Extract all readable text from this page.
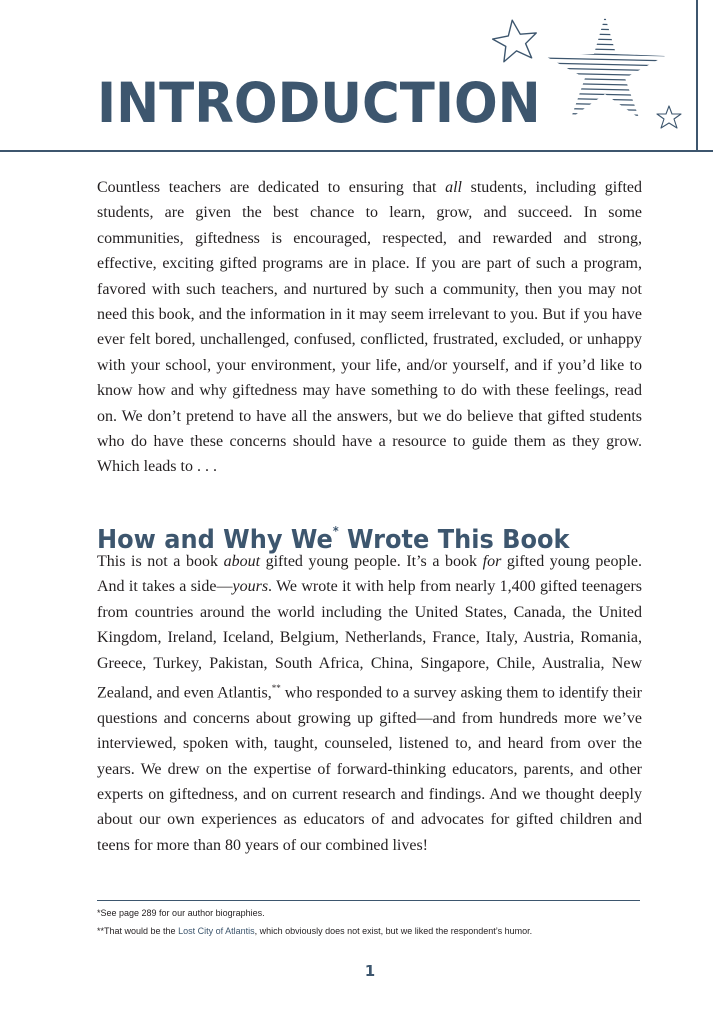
INTRODUCTION

Countless teachers are dedicated to ensuring that all students, including gifted students, are given the best chance to learn, grow, and succeed. In some communities, giftedness is encouraged, respected, and rewarded and strong, effective, exciting gifted programs are in place. If you are part of such a program, favored with such teachers, and nurtured by such a community, then you may not need this book, and the information in it may seem irrelevant to you. But if you have ever felt bored, unchallenged, confused, conflicted, frustrated, excluded, or unhappy with your school, your environment, your life, and/or yourself, and if you’d like to know how and why giftedness may have something to do with these feelings, read on. We don’t pretend to have all the answers, but we do believe that gifted students who do have these concerns should have a resource to guide them as they grow. Which leads to . . .

How and Why We* Wrote This Book

This is not a book about gifted young people. It’s a book for gifted young people. And it takes a side—yours. We wrote it with help from nearly 1,400 gifted teenagers from countries around the world including the United States, Canada, the United Kingdom, Ireland, Iceland, Belgium, Netherlands, France, Italy, Austria, Romania, Greece, Turkey, Pakistan, South Africa, China, Singapore, Chile, Australia, New Zealand, and even Atlantis,** who responded to a survey asking them to identify their questions and concerns about growing up gifted—and from hundreds more we’ve interviewed, spoken with, taught, counseled, listened to, and heard from over the years. We drew on the expertise of forward-thinking educators, parents, and other experts on giftedness, and on current research and findings. And we thought deeply about our own experiences as educators of and advocates for gifted children and teens for more than 80 years of our combined lives!

*See page 289 for our author biographies.

**That would be the Lost City of Atlantis, which obviously does not exist, but we liked the respondent’s humor.

1
